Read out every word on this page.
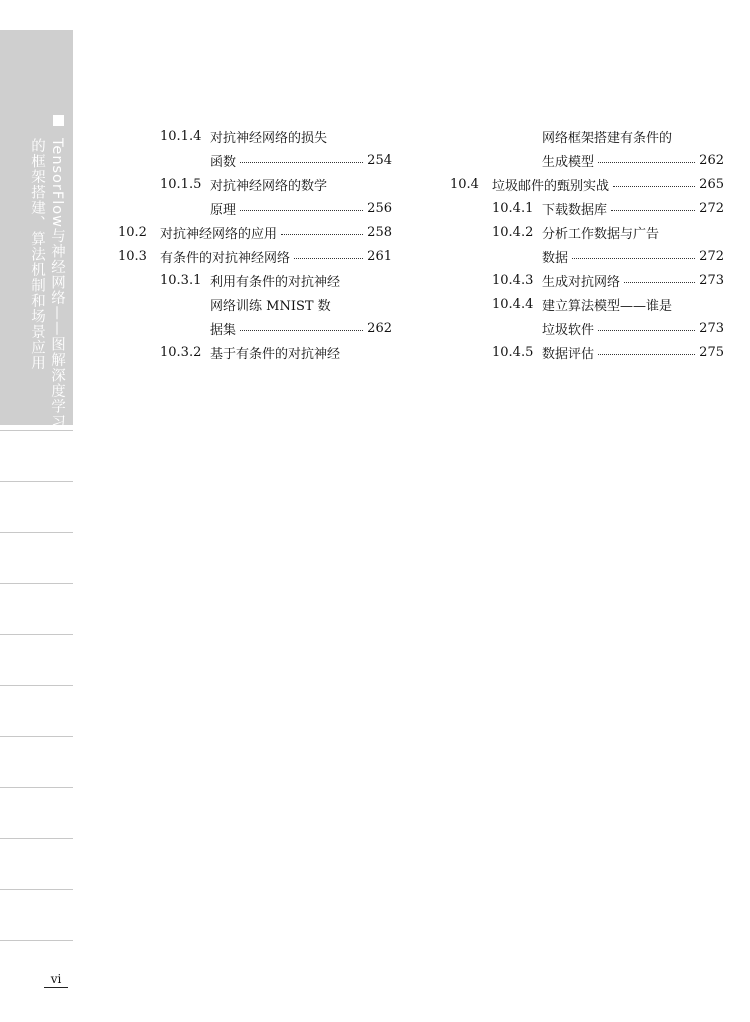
TensorFlow与神经网络——图解深度学习
的框架搭建、算法机制和场景应用
10.1.4 对抗神经网络的损失
函数	254
10.1.5 对抗神经网络的数学
原理	256
10.2	对抗神经网络的应用	258
10.3	有条件的对抗神经网络	261
10.3.1 利用有条件的对抗神经
网络训练 MNIST 数
据集	262
10.3.2 基于有条件的对抗神经
网络框架搭建有条件的
生成模型	262
10.4	垃圾邮件的甄别实战	265
10.4.1 下载数据库	272
10.4.2 分析工作数据与广告
数据	272
10.4.3 生成对抗网络	273
10.4.4 建立算法模型——谁是
垃圾软件	273
10.4.5 数据评估	275
vi
